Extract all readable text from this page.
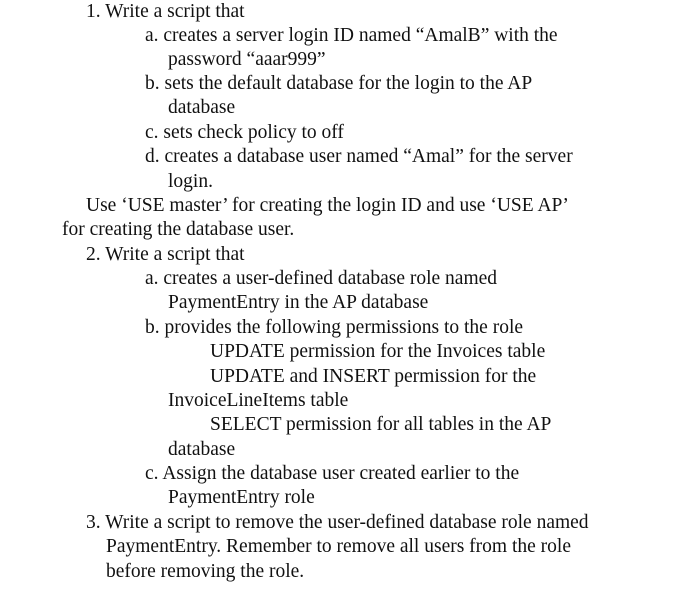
1. Write a script that
a. creates a server login ID named “AmalB” with the
password “aaar999”
b. sets the default database for the login to the AP
database
c. sets check policy to off
d. creates a database user named “Amal” for the server
login.
Use ‘USE master’ for creating the login ID and use ‘USE AP’
for creating the database user.
2. Write a script that
a. creates a user-defined database role named
PaymentEntry in the AP database
b. provides the following permissions to the role
UPDATE permission for the Invoices table
UPDATE and INSERT permission for the
InvoiceLineItems table
SELECT permission for all tables in the AP
database
c. Assign the database user created earlier to the
PaymentEntry role
3. Write a script to remove the user-defined database role named
PaymentEntry. Remember to remove all users from the role
before removing the role.
